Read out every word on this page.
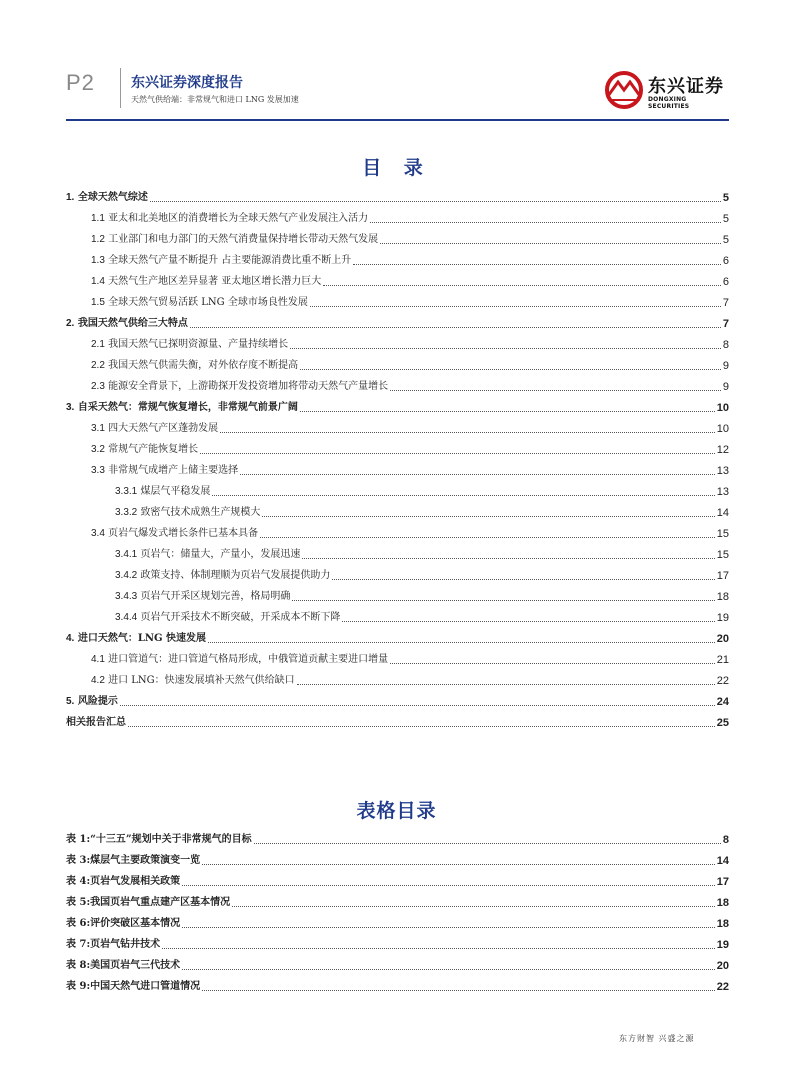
P2	东兴证券深度报告
天然气供给端：非常规气和进口 LNG 发展加速
东兴证券
DONGXING SECURITIES
目 录
1. 全球天然气综述	5
1.1 亚太和北美地区的消费增长为全球天然气产业发展注入活力	5
1.2 工业部门和电力部门的天然气消费量保持增长带动天然气发展	5
1.3 全球天然气产量不断提升 占主要能源消费比重不断上升	6
1.4 天然气生产地区差异显著 亚太地区增长潜力巨大	6
1.5 全球天然气贸易活跃 LNG 全球市场良性发展	7
2. 我国天然气供给三大特点	7
2.1 我国天然气已探明资源量、产量持续增长	8
2.2 我国天然气供需失衡，对外依存度不断提高	9
2.3 能源安全背景下，上游勘探开发投资增加将带动天然气产量增长	9
3. 自采天然气：常规气恢复增长，非常规气前景广阔	10
3.1 四大天然气产区蓬勃发展	10
3.2 常规气产能恢复增长	12
3.3 非常规气成增产上储主要选择	13
3.3.1 煤层气平稳发展	13
3.3.2 致密气技术成熟生产规模大	14
3.4 页岩气爆发式增长条件已基本具备	15
3.4.1 页岩气：储量大，产量小，发展迅速	15
3.4.2 政策支持、体制理顺为页岩气发展提供助力	17
3.4.3 页岩气开采区规划完善，格局明确	18
3.4.4 页岩气开采技术不断突破，开采成本不断下降	19
4. 进口天然气：LNG 快速发展	20
4.1 进口管道气：进口管道气格局形成，中俄管道贡献主要进口增量	21
4.2 进口 LNG：快速发展填补天然气供给缺口	22
5. 风险提示	24
相关报告汇总	25
表格目录
表 1:“十三五”规划中关于非常规气的目标	8
表 3:煤层气主要政策演变一览	14
表 4:页岩气发展相关政策	17
表 5:我国页岩气重点建产区基本情况	18
表 6:评价突破区基本情况	18
表 7:页岩气钻井技术	19
表 8:美国页岩气三代技术	20
表 9:中国天然气进口管道情况	22
东方财智 兴盛之源
